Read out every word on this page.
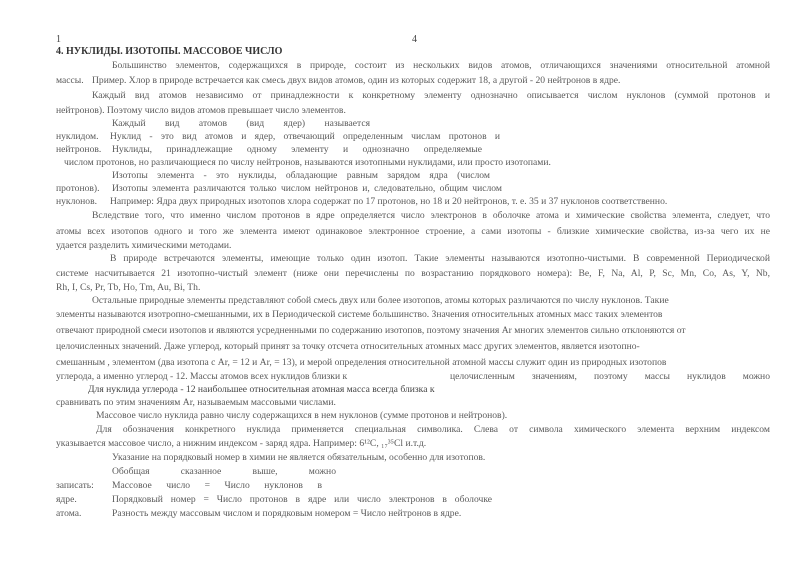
1	4
4. НУКЛИДЫ. ИЗОТОПЫ. МАССОВОЕ ЧИСЛО
Большинство элементов, содержащихся в природе, состоит из нескольких видов атомов, отличающихся значениями относительной атомной
массы. Пример. Хлор в природе встречается как смесь двух видов атомов, один из которых содержит 18, а другой - 20 нейтронов в ядре.
Каждый вид атомов независимо от принадлежности к конкретному элементу однозначно описывается числом нуклонов (суммой протонов и
нейтронов). Поэтому число видов атомов превышает число элементов.
Каждый вид атомов (вид ядер) называется
нуклидом. Нуклид - это вид атомов и ядер, отвечающий определенным числам протонов и
нейтронов. Нуклиды, принадлежащие одному элементу и однозначно определяемые
числом протонов, но различающиеся по числу нейтронов, называются изотопными нуклидами, или просто изотопами.
Изотопы элемента - это нуклиды, обладающие равным зарядом ядра (числом
протонов). Изотопы элемента различаются только числом нейтронов и, следовательно, общим числом
нуклонов. Например: Ядра двух природных изотопов хлора содержат по 17 протонов, но 18 и 20 нейтронов, т. е. 35 и 37 нуклонов соответственно.
Вследствие того, что именно числом протонов в ядре определяется число электронов в оболочке атома и химические свойства элемента, следует, что
атомы всех изотопов одного и того же элемента имеют одинаковое электронное строение, а сами изотопы - близкие химические свойства, из-за чего их не
удается разделить химическими методами.
В природе встречаются элементы, имеющие только один изотоп. Такие элементы называются изотопно-чистыми. В современной Периодической
системе насчитывается 21 изотопно-чистый элемент (ниже они перечислены по возрастанию порядкового номера): Be, F, Na, Al, P, Sc, Mn, Co, As, Y, Nb,
Rh, I, Cs, Pr, Tb, Ho, Tm, Au, Bi, Th.
Остальные природные элементы представляют собой смесь двух или более изотопов, атомы которых различаются по числу нуклонов. Такие
элементы называются изотропно-смешанными, их в Периодической системе большинство. Значения относительных атомных масс таких элементов
отвечают природной смеси изотопов и являются усредненными по содержанию изотопов, поэтому значения Ar многих элементов сильно отклоняются от
целочисленных значений. Даже углерод, который принят за точку отсчета относительных атомных масс других элементов, является изотопно-
смешанным , элементом (два изотопа с Ar, = 12 и Ar, = 13), и мерой определения относительной атомной массы служит один из природных изотопов
углерода, а именно углерод - 12. Массы атомов всех нуклидов близки к	целочисленным значениям, поэтому массы нуклидов можно
Для нуклида углерода - 12 наибольшее относительная атомная масса всегда близка к
сравнивать по этим значениям Ar, называемым массовыми числами.
Массовое число нуклида равно числу содержащихся в нем нуклонов (сумме протонов и нейтронов).
Для обозначения конкретного нуклида применяется специальная символика. Слева от символа химического элемента верхним индексом
указывается массовое число, а нижним индексом - заряд ядра. Например: 6¹²C, ₁₇³⁵Cl и.т.д.
Указание на порядковый номер в химии не является обязательным, особенно для изотопов.
Обобщая сказанное выше, можно
записать: Массовое число = Число нуклонов в
ядре.	Порядковый номер = Число протонов в ядре или число электронов в оболочке
атома.	Разность между массовым числом и порядковым номером = Число нейтронов в ядре.
